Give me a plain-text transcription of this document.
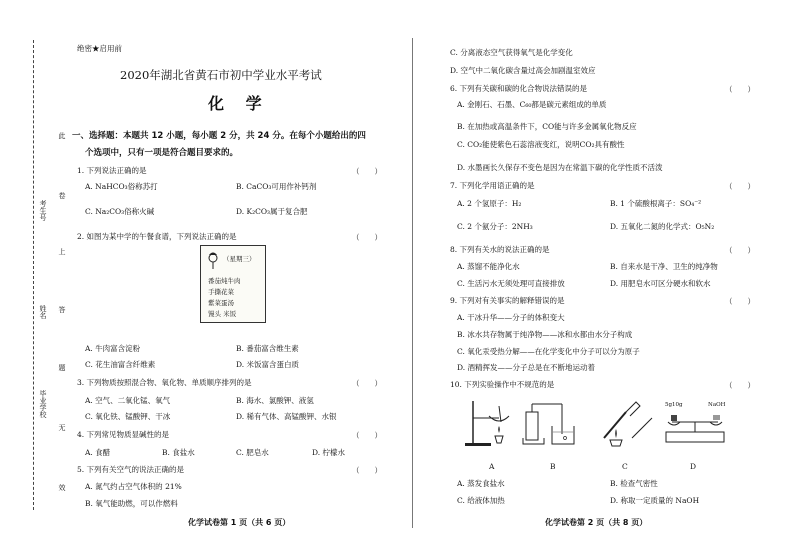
此
卷
上
答
题
无
效
考生号
姓名
毕业学校
绝密★启用前
2020年湖北省黄石市初中学业水平考试
化 学
一、选择题：本题共 12 小题，每小题 2 分，共 24 分。在每个小题给出的四
个选项中，只有一项是符合题目要求的。
1. 下列说法正确的是	（　　）
A. NaHCO₃俗称苏打	B. CaCO₃可用作补钙剂
C. Na₂CO₃俗称火碱	D. K₂CO₃属于复合肥
2. 如图为某中学的午餐食谱，下列说法正确的是	（　　）
（星期三）
番茄炖牛肉
手撕花菜
紫菜蛋汤
馒头 米饭
A. 牛肉富含淀粉	B. 番茄富含维生素
C. 花生油富含纤维素	D. 米饭富含蛋白质
3. 下列物质按照混合物、氧化物、单质顺序排列的是	（　　）
A. 空气、二氧化锰、氧气	B. 海水、氯酸钾、液氢
C. 氧化铁、锰酸钾、干冰	D. 稀有气体、高锰酸钾、水银
4. 下列常见物质显碱性的是	（　　）
A. 食醋	B. 食盐水	C. 肥皂水	D. 柠檬水
5. 下列有关空气的说法正确的是	（　　）
A. 氮气约占空气体积的 21%
B. 氧气能助燃，可以作燃料
化学试卷第 1 页（共 6 页）
C. 分离液态空气获得氧气是化学变化
D. 空气中二氧化碳含量过高会加剧温室效应
6. 下列有关碳和碳的化合物说法错误的是	（　　）
A. 金刚石、石墨、C₆₀都是碳元素组成的单质
B. 在加热或高温条件下，CO能与许多金属氧化物反应
C. CO₂能使紫色石蕊溶液变红，说明CO₂具有酸性
D. 水墨画长久保存不变色是因为在常温下碳的化学性质不活泼
7. 下列化学用语正确的是	（　　）
A. 2 个氢原子：H₂	B. 1 个硫酸根离子：SO₄⁻²
C. 2 个氨分子：2NH₃	D. 五氧化二氮的化学式：O₅N₂
8. 下列有关水的说法正确的是	（　　）
A. 蒸馏不能净化水	B. 自来水是干净、卫生的纯净物
C. 生活污水无须处理可直接排放	D. 用肥皂水可区分硬水和软水
9. 下列对有关事实的解释错误的是	（　　）
A. 干冰升华——分子的体积变大
B. 冰水共存物属于纯净物——冰和水都由水分子构成
C. 氧化汞受热分解——在化学变化中分子可以分为原子
D. 酒精挥发——分子总是在不断地运动着
10. 下列实验操作中不规范的是	（　　）
5g10g	NaOH
A	B	C	D
A. 蒸发食盐水	B. 检查气密性
C. 给液体加热	D. 称取一定质量的 NaOH
化学试卷第 2 页（共 8 页）
